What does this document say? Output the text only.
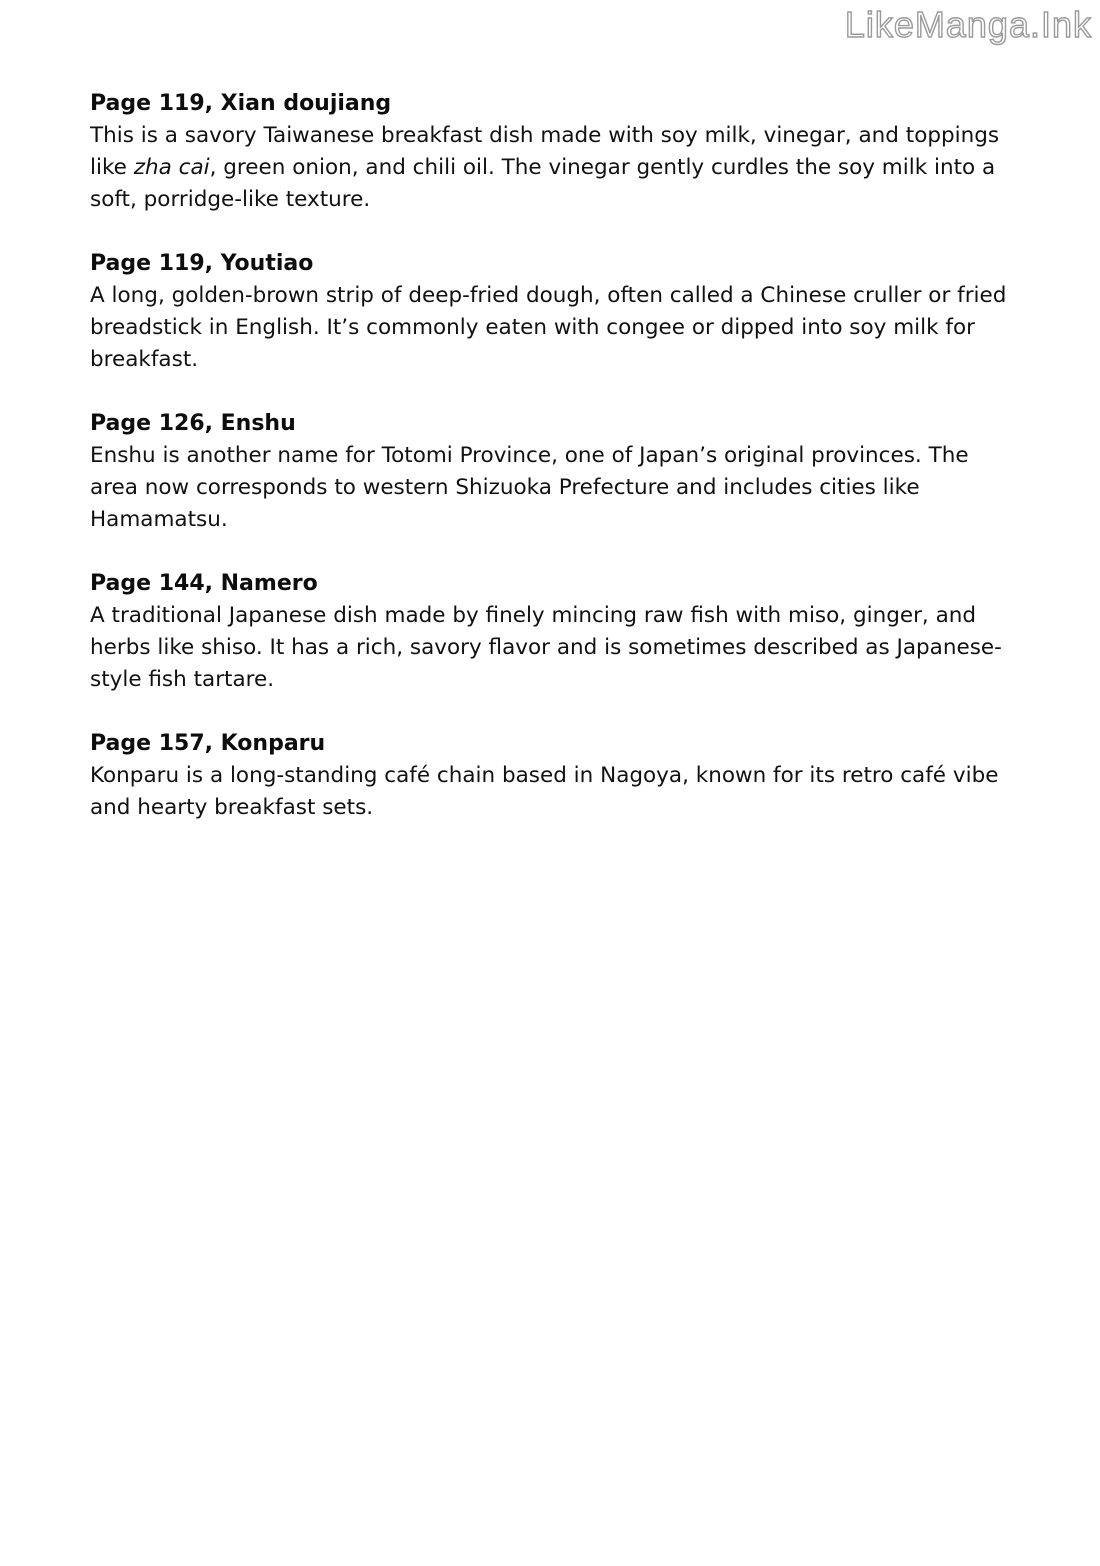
LikeManga.Ink

Page 119, Xian doujiang

This is a savory Taiwanese breakfast dish made with soy milk, vinegar, and toppings like zha cai, green onion, and chili oil. The vinegar gently curdles the soy milk into a soft, porridge-like texture.

Page 119, Youtiao

A long, golden-brown strip of deep-fried dough, often called a Chinese cruller or fried breadstick in English. It’s commonly eaten with congee or dipped into soy milk for breakfast.

Page 126, Enshu

Enshu is another name for Totomi Province, one of Japan’s original provinces. The area now corresponds to western Shizuoka Prefecture and includes cities like Hamamatsu.

Page 144, Namero

A traditional Japanese dish made by finely mincing raw fish with miso, ginger, and herbs like shiso. It has a rich, savory flavor and is sometimes described as Japanese-style fish tartare.

Page 157, Konparu

Konparu is a long-standing café chain based in Nagoya, known for its retro café vibe and hearty breakfast sets.
